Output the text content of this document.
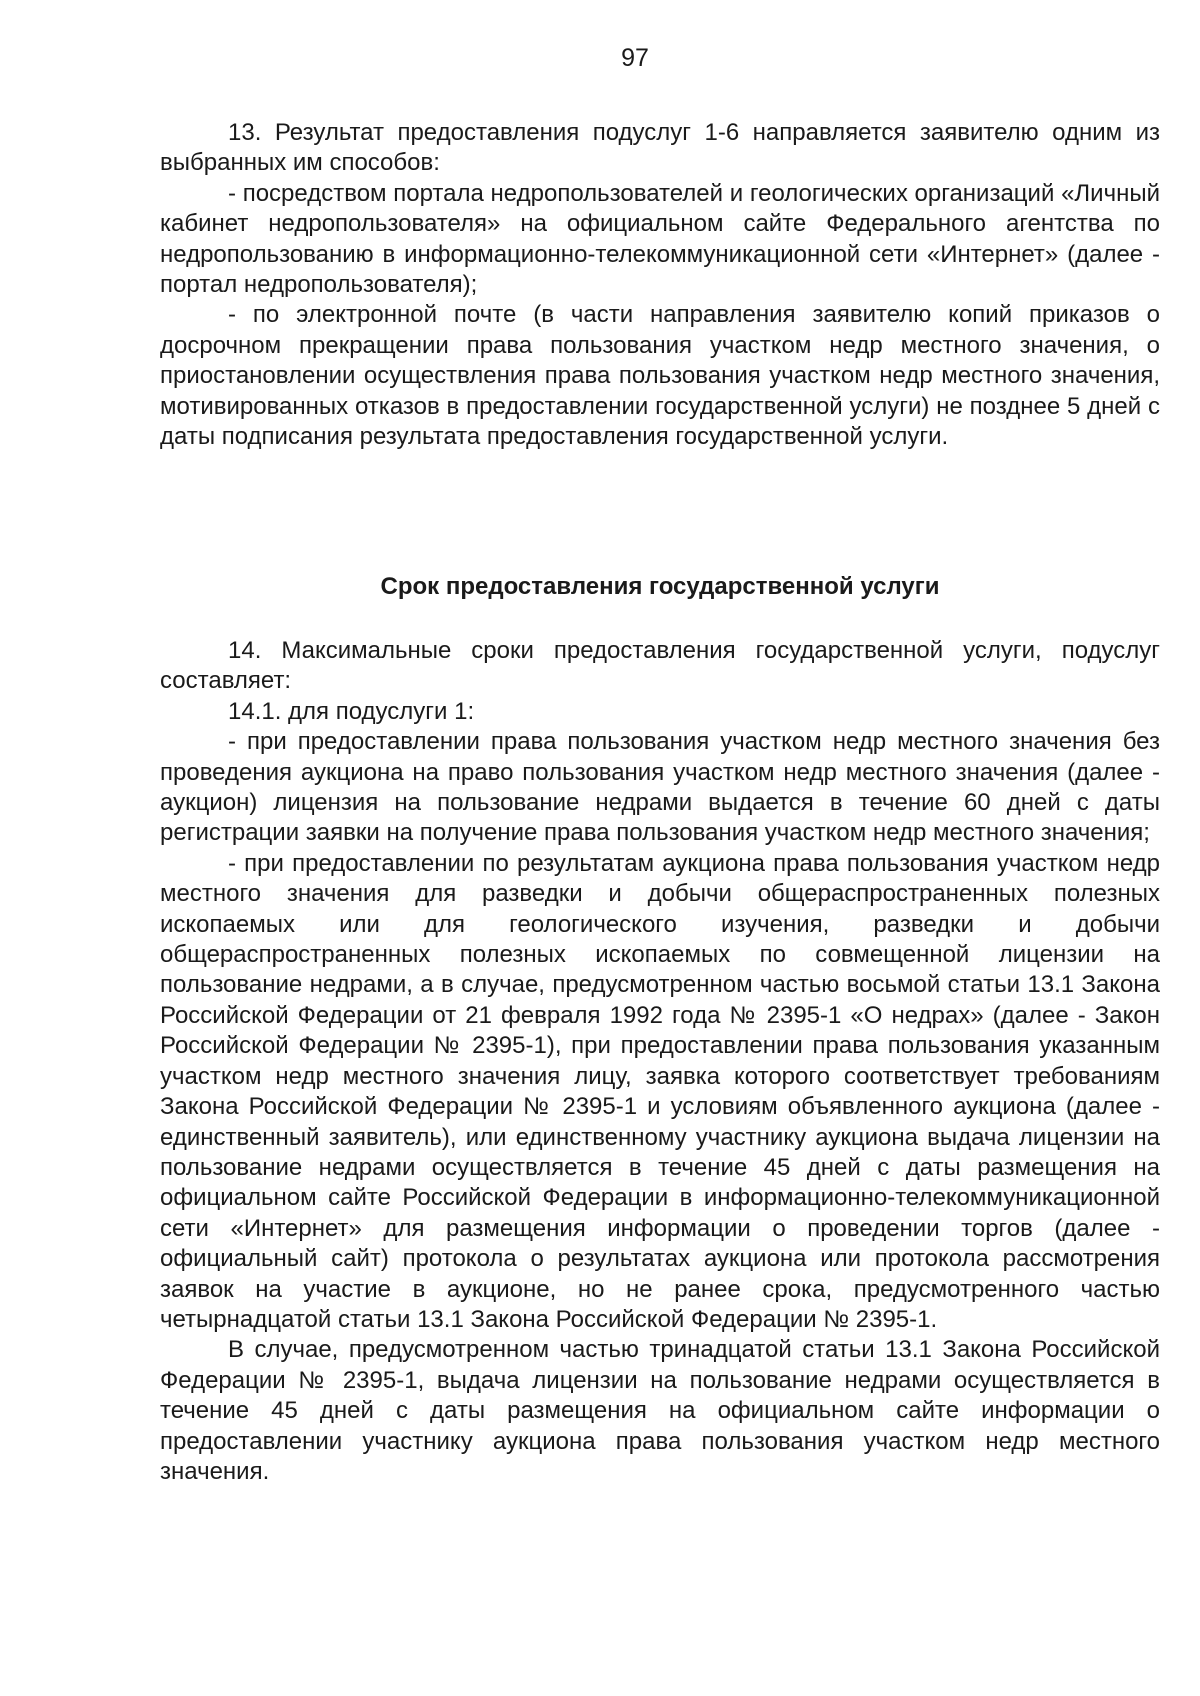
97

13. Результат предоставления подуслуг 1-6 направляется заявителю одним из выбранных им способов:

- посредством портала недропользователей и геологических организаций «Личный кабинет недропользователя» на официальном сайте Федерального агентства по недропользованию в информационно-телекоммуникационной сети «Интернет» (далее - портал недропользователя);

- по электронной почте (в части направления заявителю копий приказов о досрочном прекращении права пользования участком недр местного значения, о приостановлении осуществления права пользования участком недр местного значения, мотивированных отказов в предоставлении государственной услуги) не позднее 5 дней с даты подписания результата предоставления государственной услуги.

Срок предоставления государственной услуги

14. Максимальные сроки предоставления государственной услуги, подуслуг составляет:

14.1. для подуслуги 1:

- при предоставлении права пользования участком недр местного значения без проведения аукциона на право пользования участком недр местного значения (далее - аукцион) лицензия на пользование недрами выдается в течение 60 дней с даты регистрации заявки на получение права пользования участком недр местного значения;

- при предоставлении по результатам аукциона права пользования участком недр местного значения для разведки и добычи общераспространенных полезных ископаемых или для геологического изучения, разведки и добычи общераспространенных полезных ископаемых по совмещенной лицензии на пользование недрами, а в случае, предусмотренном частью восьмой статьи 13.1 Закона Российской Федерации от 21 февраля 1992 года № 2395-1 «О недрах» (далее - Закон Российской Федерации № 2395-1), при предоставлении права пользования указанным участком недр местного значения лицу, заявка которого соответствует требованиям Закона Российской Федерации № 2395-1 и условиям объявленного аукциона (далее - единственный заявитель), или единственному участнику аукциона выдача лицензии на пользование недрами осуществляется в течение 45 дней с даты размещения на официальном сайте Российской Федерации в информационно-телекоммуникационной сети «Интернет» для размещения информации о проведении торгов (далее - официальный сайт) протокола о результатах аукциона или протокола рассмотрения заявок на участие в аукционе, но не ранее срока, предусмотренного частью четырнадцатой статьи 13.1 Закона Российской Федерации № 2395-1.

В случае, предусмотренном частью тринадцатой статьи 13.1 Закона Российской Федерации № 2395-1, выдача лицензии на пользование недрами осуществляется в течение 45 дней с даты размещения на официальном сайте информации о предоставлении участнику аукциона права пользования участком недр местного значения.
